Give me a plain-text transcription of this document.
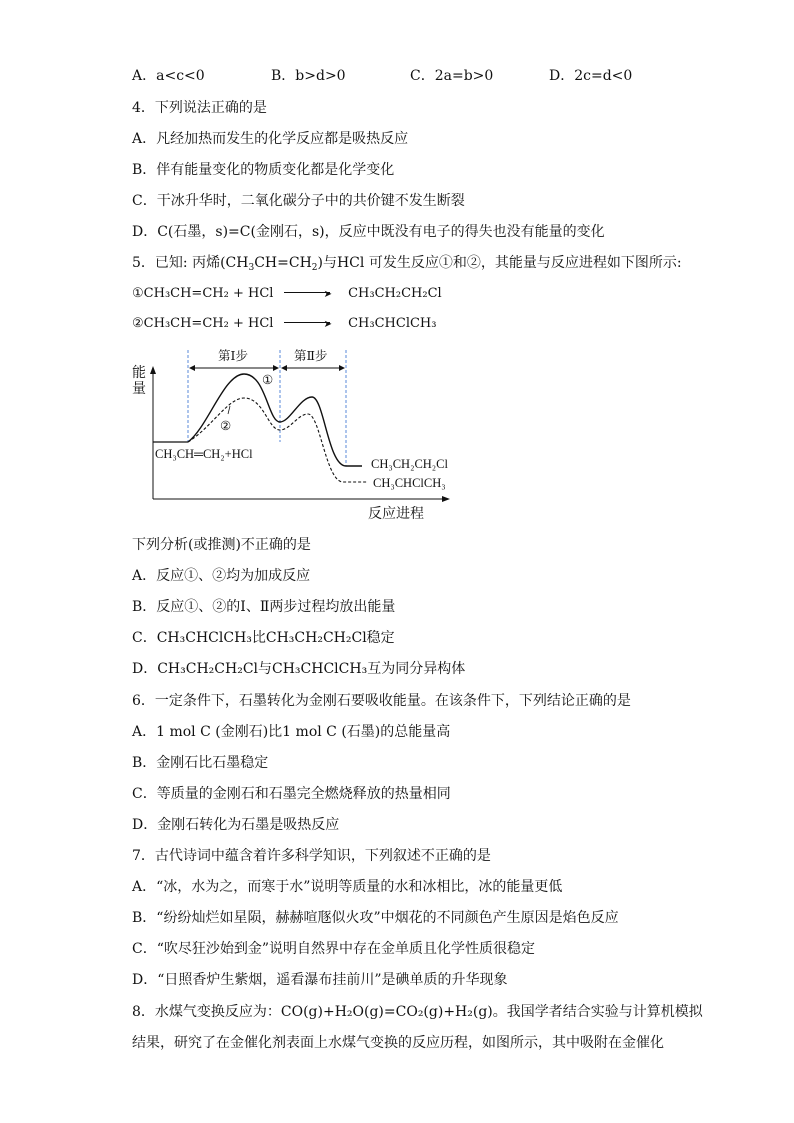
A．a<c<0	B．b>d>0	C．2a=b>0	D．2c=d<0
4．下列说法正确的是
A．凡经加热而发生的化学反应都是吸热反应
B．伴有能量变化的物质变化都是化学变化
C．干冰升华时，二氧化碳分子中的共价键不发生断裂
D．C(石墨，s)=C(金刚石，s)，反应中既没有电子的得失也没有能量的变化
5．已知: 丙烯$(CH_3CH=CH_2)$与HCl 可发生反应①和②，其能量与反应进程如下图所示:
①CH₃CH=CH₂ + HCl	➤ CH₃CH₂CH₂Cl
②CH₃CH=CH₂ + HCl	➤ CH₃CHClCH₃
第Ⅰ步	第Ⅱ步
能
量
①
②
CH₃CH═CH₂+HCl
CH₃CH₂CH₂Cl
CH₃CHClCH₃
反应进程
下列分析(或推测)不正确的是
A．反应①、②均为加成反应
B．反应①、②的Ⅰ、Ⅱ两步过程均放出能量
C．CH₃CHClCH₃比CH₃CH₂CH₂Cl稳定
D．CH₃CH₂CH₂Cl与CH₃CHClCH₃互为同分异构体
6．一定条件下，石墨转化为金刚石要吸收能量。在该条件下，下列结论正确的是
A．1 mol C (金刚石)比1 mol C (石墨)的总能量高
B．金刚石比石墨稳定
C．等质量的金刚石和石墨完全燃烧释放的热量相同
D．金刚石转化为石墨是吸热反应
7．古代诗词中蕴含着许多科学知识，下列叙述不正确的是
A．“冰，水为之，而寒于水”说明等质量的水和冰相比，冰的能量更低
B．“纷纷灿烂如星陨，赫赫喧豗似火攻”中烟花的不同颜色产生原因是焰色反应
C．“吹尽狂沙始到金”说明自然界中存在金单质且化学性质很稳定
D．“日照香炉生紫烟，遥看瀑布挂前川”是碘单质的升华现象
8．水煤气变换反应为：CO(g)+H₂O(g)=CO₂(g)+H₂(g)。我国学者结合实验与计算机模拟
结果，研究了在金催化剂表面上水煤气变换的反应历程，如图所示，其中吸附在金催化
